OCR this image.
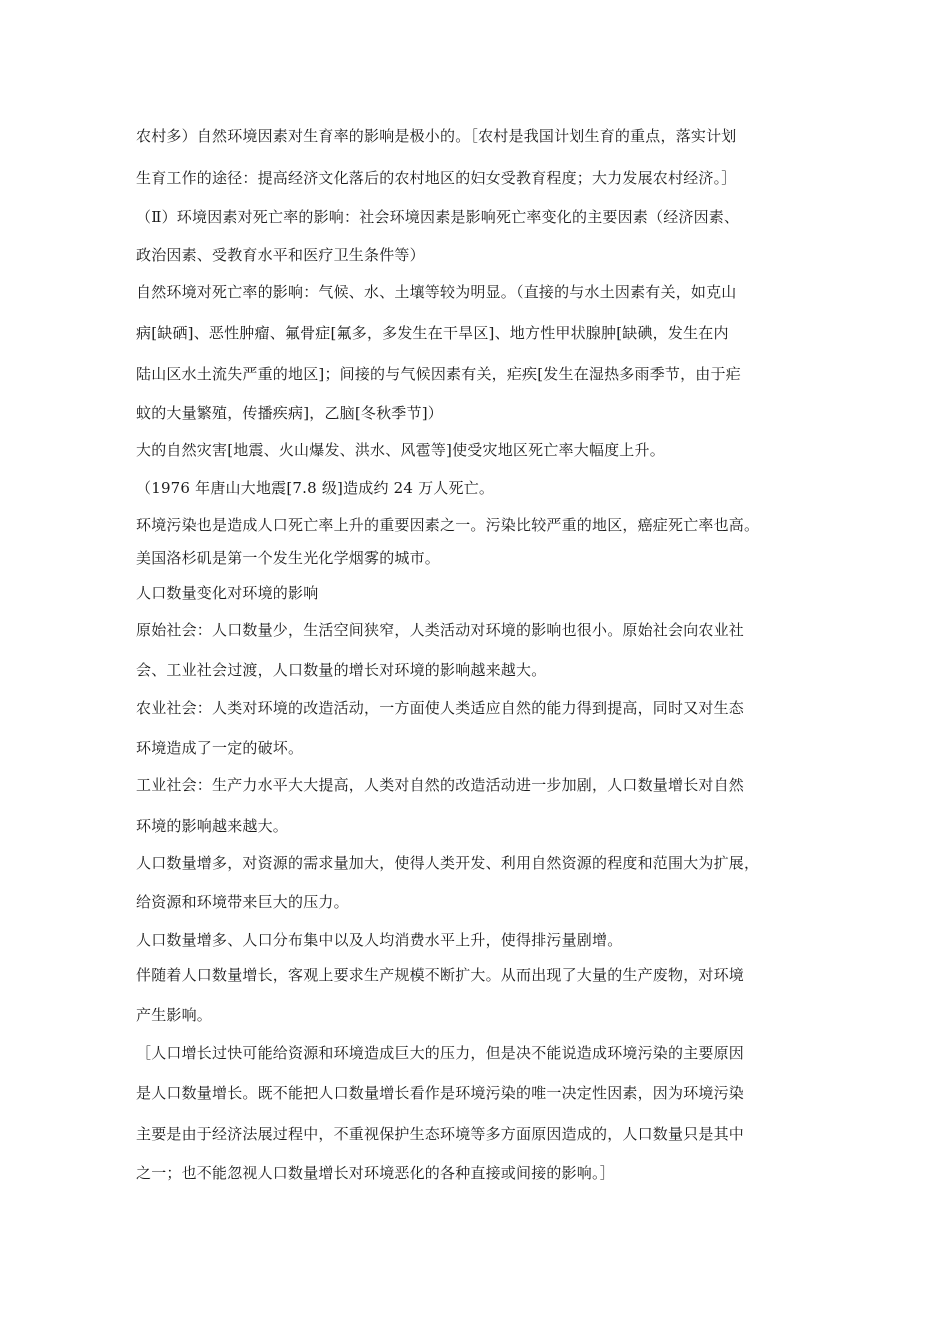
农村多）自然环境因素对生育率的影响是极小的。［农村是我国计划生育的重点，落实计划
生育工作的途径：提高经济文化落后的农村地区的妇女受教育程度；大力发展农村经济。］
（Ⅱ）环境因素对死亡率的影响：社会环境因素是影响死亡率变化的主要因素（经济因素、
政治因素、受教育水平和医疗卫生条件等）
自然环境对死亡率的影响：气候、水、土壤等较为明显。（直接的与水土因素有关，如克山
病[缺硒]、恶性肿瘤、氟骨症[氟多，多发生在干旱区]、地方性甲状腺肿[缺碘，发生在内
陆山区水土流失严重的地区]；间接的与气候因素有关，疟疾[发生在湿热多雨季节，由于疟
蚊的大量繁殖，传播疾病]，乙脑[冬秋季节]）
大的自然灾害[地震、火山爆发、洪水、风雹等]使受灾地区死亡率大幅度上升。
（1976 年唐山大地震[7.8 级]造成约 24 万人死亡。
环境污染也是造成人口死亡率上升的重要因素之一。污染比较严重的地区，癌症死亡率也高。
美国洛杉矶是第一个发生光化学烟雾的城市。
人口数量变化对环境的影响
原始社会：人口数量少，生活空间狭窄，人类活动对环境的影响也很小。原始社会向农业社
会、工业社会过渡，人口数量的增长对环境的影响越来越大。
农业社会：人类对环境的改造活动，一方面使人类适应自然的能力得到提高，同时又对生态
环境造成了一定的破坏。
工业社会：生产力水平大大提高，人类对自然的改造活动进一步加剧，人口数量增长对自然
环境的影响越来越大。
人口数量增多，对资源的需求量加大，使得人类开发、利用自然资源的程度和范围大为扩展，
给资源和环境带来巨大的压力。
人口数量增多、人口分布集中以及人均消费水平上升，使得排污量剧增。
伴随着人口数量增长，客观上要求生产规模不断扩大。从而出现了大量的生产废物，对环境
产生影响。
［人口增长过快可能给资源和环境造成巨大的压力，但是决不能说造成环境污染的主要原因
是人口数量增长。既不能把人口数量增长看作是环境污染的唯一决定性因素，因为环境污染
主要是由于经济法展过程中，不重视保护生态环境等多方面原因造成的，人口数量只是其中
之一；也不能忽视人口数量增长对环境恶化的各种直接或间接的影响。］
